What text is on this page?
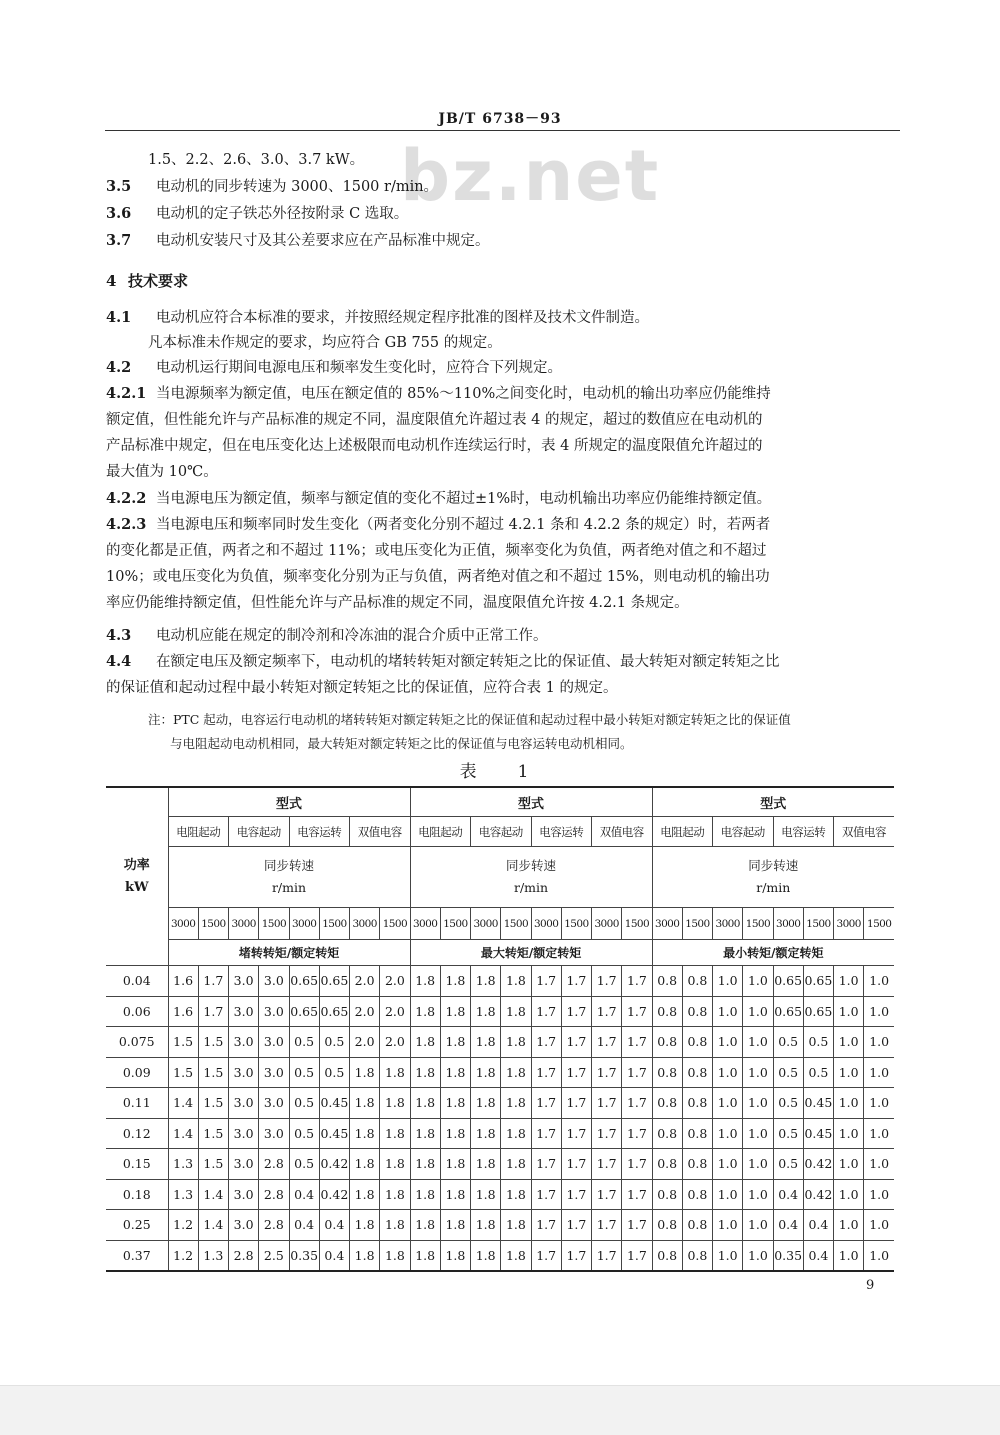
JB/T 6738－93
bz.net
1.5、2.2、2.6、3.0、3.7 kW。
3.5 电动机的同步转速为 3000、1500 r/min。
3.6 电动机的定子铁芯外径按附录 C 选取。
3.7 电动机安装尺寸及其公差要求应在产品标准中规定。
4 技术要求
4.1 电动机应符合本标准的要求，并按照经规定程序批准的图样及技术文件制造。
凡本标准未作规定的要求，均应符合 GB 755 的规定。
4.2 电动机运行期间电源电压和频率发生变化时，应符合下列规定。
4.2.1 当电源频率为额定值，电压在额定值的 85%～110%之间变化时，电动机的输出功率应仍能维持
额定值，但性能允许与产品标准的规定不同，温度限值允许超过表 4 的规定，超过的数值应在电动机的
产品标准中规定，但在电压变化达上述极限而电动机作连续运行时，表 4 所规定的温度限值允许超过的
最大值为 10℃。
4.2.2 当电源电压为额定值，频率与额定值的变化不超过±1%时，电动机输出功率应仍能维持额定值。
4.2.3 当电源电压和频率同时发生变化（两者变化分别不超过 4.2.1 条和 4.2.2 条的规定）时，若两者
的变化都是正值，两者之和不超过 11%；或电压变化为正值，频率变化为负值，两者绝对值之和不超过
10%；或电压变化为负值，频率变化分别为正与负值，两者绝对值之和不超过 15%，则电动机的输出功
率应仍能维持额定值，但性能允许与产品标准的规定不同，温度限值允许按 4.2.1 条规定。
4.3 电动机应能在规定的制冷剂和冷冻油的混合介质中正常工作。
4.4 在额定电压及额定频率下，电动机的堵转转矩对额定转矩之比的保证值、最大转矩对额定转矩之比
的保证值和起动过程中最小转矩对额定转矩之比的保证值，应符合表 1 的规定。
注：PTC 起动，电容运行电动机的堵转转矩对额定转矩之比的保证值和起动过程中最小转矩对额定转矩之比的保证值
与电阻起动电动机相同，最大转矩对额定转矩之比的保证值与电容运转电动机相同。
表　1
功率
kW	型式								型式								型式							
	电阻起动		电容起动		电容运转		双值电容		电阻起动		电容起动		电容运转		双值电容		电阻起动		电容起动		电容运转		双值电容	
	同步转速
r/min								同步转速
r/min								同步转速
r/min							
	3000	1500	3000	1500	3000	1500	3000	1500	3000	1500	3000	1500	3000	1500	3000	1500	3000	1500	3000	1500	3000	1500	3000	1500
	堵转转矩/额定转矩								最大转矩/额定转矩								最小转矩/额定转矩							
0.04	1.6	1.7	3.0	3.0	0.65	0.65	2.0	2.0	1.8	1.8	1.8	1.8	1.7	1.7	1.7	1.7	0.8	0.8	1.0	1.0	0.65	0.65	1.0	1.0
0.06	1.6	1.7	3.0	3.0	0.65	0.65	2.0	2.0	1.8	1.8	1.8	1.8	1.7	1.7	1.7	1.7	0.8	0.8	1.0	1.0	0.65	0.65	1.0	1.0
0.075	1.5	1.5	3.0	3.0	0.5	0.5	2.0	2.0	1.8	1.8	1.8	1.8	1.7	1.7	1.7	1.7	0.8	0.8	1.0	1.0	0.5	0.5	1.0	1.0
0.09	1.5	1.5	3.0	3.0	0.5	0.5	1.8	1.8	1.8	1.8	1.8	1.8	1.7	1.7	1.7	1.7	0.8	0.8	1.0	1.0	0.5	0.5	1.0	1.0
0.11	1.4	1.5	3.0	3.0	0.5	0.45	1.8	1.8	1.8	1.8	1.8	1.8	1.7	1.7	1.7	1.7	0.8	0.8	1.0	1.0	0.5	0.45	1.0	1.0
0.12	1.4	1.5	3.0	3.0	0.5	0.45	1.8	1.8	1.8	1.8	1.8	1.8	1.7	1.7	1.7	1.7	0.8	0.8	1.0	1.0	0.5	0.45	1.0	1.0
0.15	1.3	1.5	3.0	2.8	0.5	0.42	1.8	1.8	1.8	1.8	1.8	1.8	1.7	1.7	1.7	1.7	0.8	0.8	1.0	1.0	0.5	0.42	1.0	1.0
0.18	1.3	1.4	3.0	2.8	0.4	0.42	1.8	1.8	1.8	1.8	1.8	1.8	1.7	1.7	1.7	1.7	0.8	0.8	1.0	1.0	0.4	0.42	1.0	1.0
0.25	1.2	1.4	3.0	2.8	0.4	0.4	1.8	1.8	1.8	1.8	1.8	1.8	1.7	1.7	1.7	1.7	0.8	0.8	1.0	1.0	0.4	0.4	1.0	1.0
0.37	1.2	1.3	2.8	2.5	0.35	0.4	1.8	1.8	1.8	1.8	1.8	1.8	1.7	1.7	1.7	1.7	0.8	0.8	1.0	1.0	0.35	0.4	1.0	1.0
9
